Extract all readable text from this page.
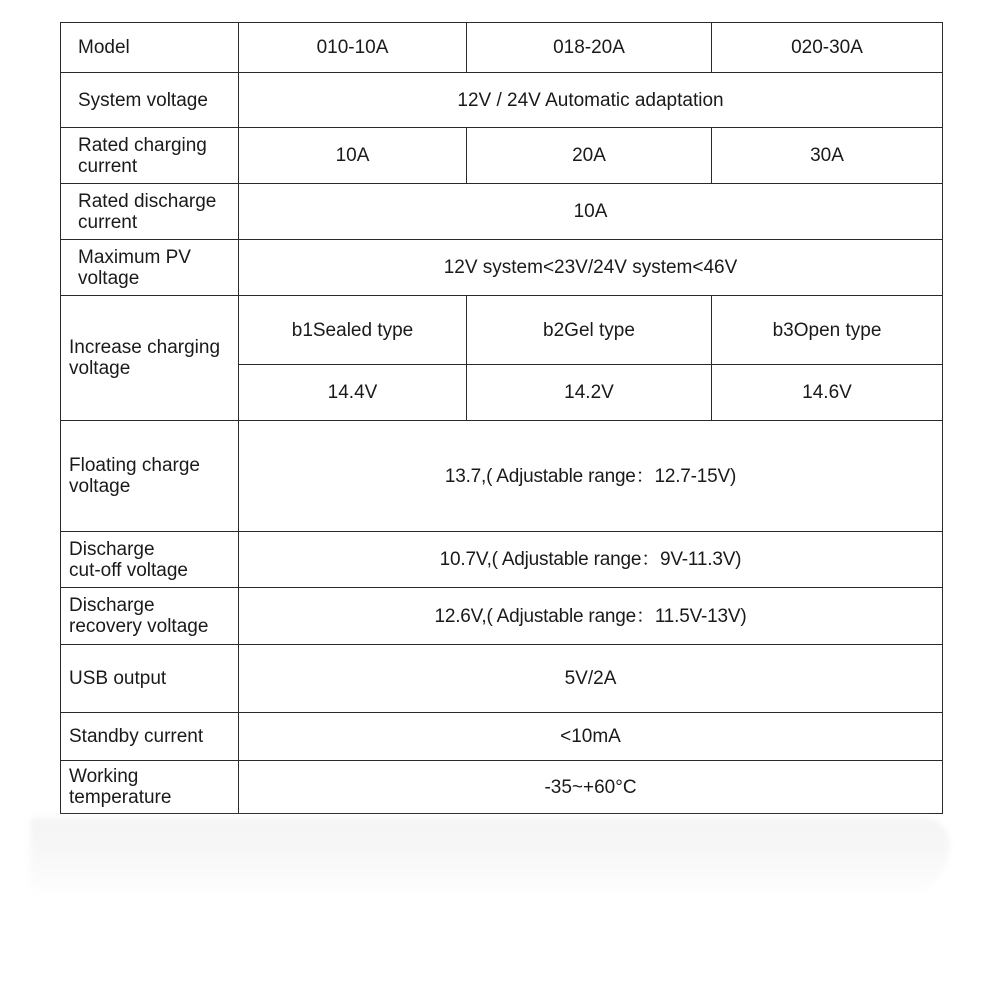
Model	010-10A	018-20A	020-30A
System voltage	12V / 24V Automatic adaptation		

Rated charging
current	10A	20A	30A

Rated discharge
current	10A		

Maximum PV
voltage	12V system<23V/24V system<46V		

Increase charging
voltage	b1Sealed type	b2Gel type	b3Open type
	14.4V	14.2V	14.6V

Floating charge
voltage	13.7,( Adjustable range：12.7-15V)		

Discharge
cut-off voltage	10.7V,( Adjustable range：9V-11.3V)		

Discharge
recovery voltage	12.6V,( Adjustable range：11.5V-13V)		
USB output	5V/2A		
Standby current	<10mA		

Working
temperature	-35~+60°C		
